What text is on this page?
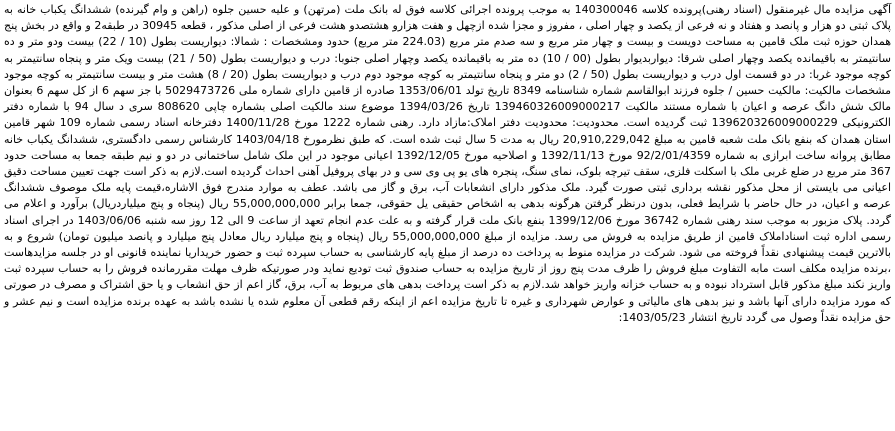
آگهی مزایده مال غیرمنقول (اسناد رهنی)پرونده کلاسه 140300046 به موجب پرونده اجرائی کلاسه فوق له بانک ملت (مرتهن) و علیه حسین جلوه (راهن و وام گیرنده) ششدانگ یکباب خانه به پلاک ثبتی دو هزار و پانصد و هفتاد و نه فرعی از یکصد و چهار اصلی ، مفروز و مجزا شده ازچهل و هفت هزارو هشتصدو هشت فرعی از اصلی مذکور ، قطعه 30945 در طبقه2 و واقع در بخش پنج همدان حوزه ثبت ملک قامین به مساحت دویست و بیست و چهار متر مربع و سه صدم متر مربع (224.03 متر مربع) حدود ومشخصات : شمالا: دیواریست بطول (10 / 22) بیست ودو متر و ده سانتیمتر به باقیمانده یکصد وچهار اصلی شرقا: دیواربدیوار بطول (00 / 10) ده متر به باقیمانده یکصد وچهار اصلی جنوبا: درب و دیواریست بطول (50 / 21) بیست ویک متر و پنجاه سانتیمتر به کوچه موجود غربا: در دو قسمت اول درب و دیواریست بطول (50 / 2) دو متر و پنجاه سانتیمتر به کوچه موجود دوم درب و دیواریست بطول (20 / 8) هشت متر و بیست سانتیمتر به کوچه موجود مشخصات مالکیت: مالکیت حسین / جلوه فرزند ابوالقاسم شماره شناسنامه 8349 تاریخ تولد 1353/06/01 صادره از قامین دارای شماره ملی 5029473726 با جز سهم 6 از کل سهم 6 بعنوان مالک شش دانگ عرصه و اعیان با شماره مستند مالکیت 139460326009000217 تاریخ 1394/03/26 موضوع سند مالکیت اصلی بشماره چاپی 808620 سری د سال 94 با شماره دفتر الکترونیکی 139620326009000229 ثبت گردیده است. محدودیت: محدودیت دفتر املاک:مازاد دارد. رهنی شماره 1222 مورخ 1400/11/28 دفترخانه اسناد رسمی شماره 109 شهر قامین استان همدان که بنفع بانک ملت شعبه قامین به مبلغ 20,910,229,042 ریال به مدت 5 سال ثبت شده است. که طبق نظرمورخ 1403/04/18 کارشناس رسمی دادگستری، ششدانگ یکباب خانه مطابق پروانه ساخت ابرازی به شماره 92/2/01/4359 مورخ 1392/11/13 و اصلاحیه مورخ 1392/12/05 اعیانی موجود در این ملک شامل ساختمانی در دو و نیم طبقه جمعا به مساحت حدود 367 متر مربع در ضلع غربی ملک با اسکلت فلزی، سقف تیرچه بلوک، نمای سنگ، پنجره های یو پی وی سی و در بهای پروفیل آهنی احداث گردیده است.لازم به ذکر است جهت تعیین مساحت دقیق اعیانی می بایستی از محل مذکور نقشه برداری ثبتی صورت گیرد. ملک مذکور دارای انشعابات آب، برق و گاز می باشد. عطف به موارد مندرج فوق الاشاره،قیمت پایه ملک موصوف ششدانگ عرصه و اعیان، در حال حاضر با شرایط فعلی، بدون درنظر گرفتن هرگونه بدهی به اشخاص حقیقی یل حقوقی، جمعا برابر 55,000,000,000 ریال (پنجاه و پنج میلیاردریال) برآورد و اعلام می گردد. پلاک مزبور به موجب سند رهنی شماره 36742 مورخ 1399/12/06 بنفع بانک ملت قرار گرفته و به علت عدم انجام تعهد از ساعت 9 الی 12 روز سه شنبه 1403/06/06 در اجرای اسناد رسمی اداره ثبت اسناداملاک قامین از طریق مزایده به فروش می رسد. مزایده از مبلغ 55,000,000,000 ریال (پنجاه و پنج میلیارد ریال معادل پنج میلیارد و پانصد میلیون تومان) شروع و به بالاترین قیمت پیشنهادی نقداً فروخته می شود. شرکت در مزایده منوط به پرداخت ده درصد از مبلغ پایه کارشناسی به حساب سپرده ثبت و حضور خریداریا نماینده قانونی او در جلسه مزایدهاست ،برنده مزایده مکلف است مابه التفاوت مبلغ فروش را ظرف مدت پنج روز از تاریخ مزایده به حساب صندوق ثبت تودیع نماید ودر صورتیکه ظرف مهلت مقررمانده فروش را به حساب سپرده ثبت واریز نکند مبلغ مذکور قابل استرداد نبوده و به حساب خزانه واریز خواهد شد.لازم به ذکر است پرداخت بدهی های مربوط به آب، برق، گاز اعم از حق انشعاب و یا حق اشتراک و مصرف در صورتی که مورد مزایده دارای آنها باشد و نیز بدهی های مالیاتی و عوارض شهرداری و غیره تا تاریخ مزایده اعم از اینکه رقم قطعی آن معلوم شده یا نشده باشد به عهده برنده مزایده است و نیم عشر و حق مزایده نقداً وصول می گردد تاریخ انتشار 1403/05/23:
